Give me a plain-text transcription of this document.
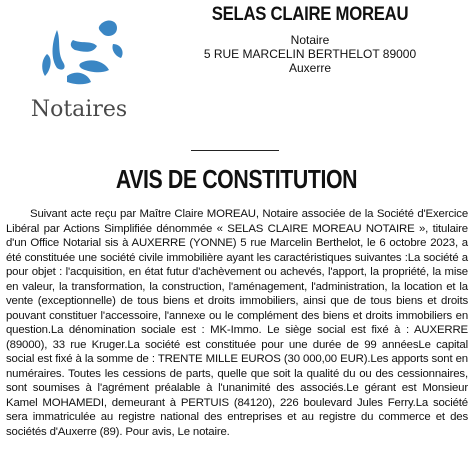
Notaires
SELAS CLAIRE MOREAU
Notaire
5 RUE MARCELIN BERTHELOT 89000
Auxerre
AVIS DE CONSTITUTION
Suivant acte reçu par Maître Claire MOREAU, Notaire associée de la Société d'Exercice Libéral par Actions Simplifiée dénommée « SELAS CLAIRE MOREAU NOTAIRE », titulaire d'un Office Notarial sis à AUXERRE (YONNE) 5 rue Marcelin Berthelot, le 6 octobre 2023, a été constituée une société civile immobilière ayant les caractéristiques suivantes :La société a pour objet : l'acquisition, en état futur d'achèvement ou achevés, l'apport, la propriété, la mise en valeur, la transformation, la construction, l'aménagement, l'administration, la location et la vente (exceptionnelle) de tous biens et droits immobiliers, ainsi que de tous biens et droits pouvant constituer l'accessoire, l'annexe ou le complément des biens et droits immobiliers en question.La dénomination sociale est : MK-Immo. Le siège social est fixé à : AUXERRE (89000), 33 rue Kruger.La société est constituée pour une durée de 99 annéesLe capital social est fixé à la somme de : TRENTE MILLE EUROS (30 000,00 EUR).Les apports sont en numéraires. Toutes les cessions de parts, quelle que soit la qualité du ou des cessionnaires, sont soumises à l'agrément préalable à l'unanimité des associés.Le gérant est Monsieur Kamel MOHAMEDI, demeurant à PERTUIS (84120), 226 boulevard Jules Ferry.La société sera immatriculée au registre national des entreprises et au registre du commerce et des sociétés d'Auxerre (89). Pour avis, Le notaire.
